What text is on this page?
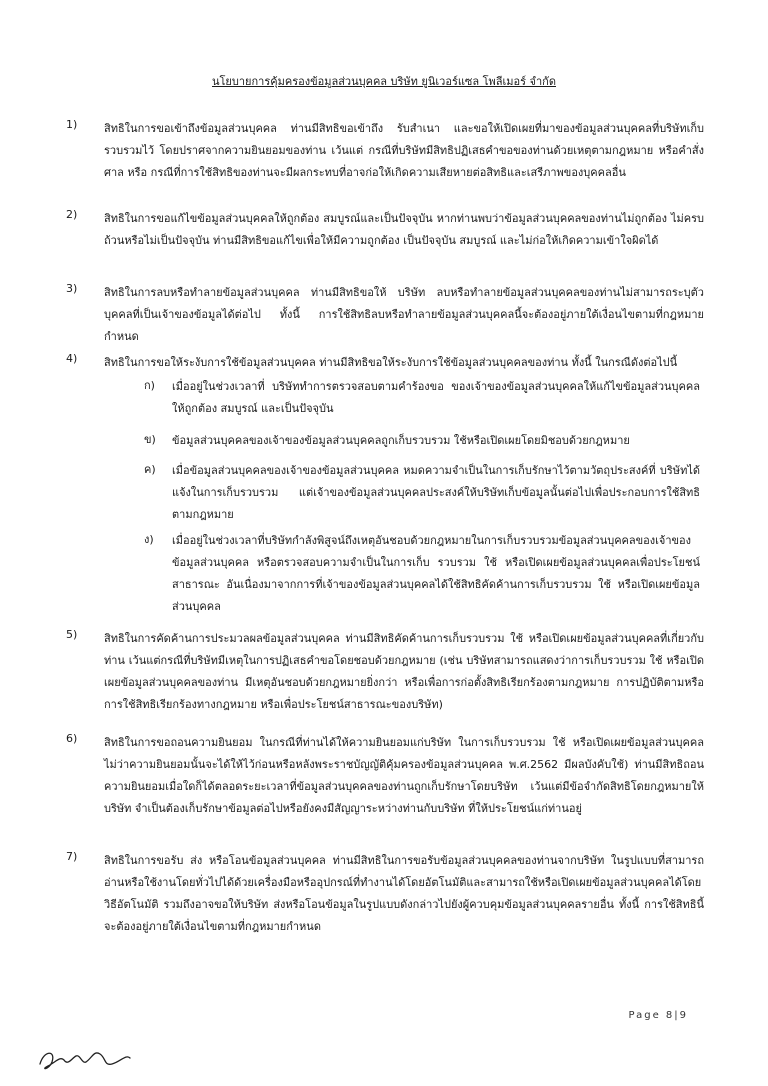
นโยบายการคุ้มครองข้อมูลส่วนบุคคล บริษัท ยูนิเวอร์แซล โพลีเมอร์ จำกัด
1) สิทธิในการขอเข้าถึงข้อมูลส่วนบุคคล ท่านมีสิทธิขอเข้าถึง รับสำเนา และขอให้เปิดเผยที่มาของข้อมูลส่วนบุคคลที่บริษัทเก็บรวบรวมไว้ โดยปราศจากความยินยอมของท่าน เว้นแต่ กรณีที่บริษัทมีสิทธิปฏิเสธคำขอของท่านด้วยเหตุตามกฎหมาย หรือคำสั่งศาล หรือ กรณีที่การใช้สิทธิของท่านจะมีผลกระทบที่อาจก่อให้เกิดความเสียหายต่อสิทธิและเสรีภาพของบุคคลอื่น

2) สิทธิในการขอแก้ไขข้อมูลส่วนบุคคลให้ถูกต้อง สมบูรณ์และเป็นปัจจุบัน หากท่านพบว่าข้อมูลส่วนบุคคลของท่านไม่ถูกต้อง ไม่ครบถ้วนหรือไม่เป็นปัจจุบัน ท่านมีสิทธิขอแก้ไขเพื่อให้มีความถูกต้อง เป็นปัจจุบัน สมบูรณ์ และไม่ก่อให้เกิดความเข้าใจผิดได้

3) สิทธิในการลบหรือทำลายข้อมูลส่วนบุคคล ท่านมีสิทธิขอให้ บริษัท ลบหรือทำลายข้อมูลส่วนบุคคลของท่านไม่สามารถระบุตัวบุคคลที่เป็นเจ้าของข้อมูลได้ต่อไป ทั้งนี้ การใช้สิทธิลบหรือทำลายข้อมูลส่วนบุคคลนี้จะต้องอยู่ภายใต้เงื่อนไขตามที่กฎหมายกำหนด

4) สิทธิในการขอให้ระงับการใช้ข้อมูลส่วนบุคคล ท่านมีสิทธิขอให้ระงับการใช้ข้อมูลส่วนบุคคลของท่าน ทั้งนี้ ในกรณีดังต่อไปนี้

ก) เมื่ออยู่ในช่วงเวลาที่ บริษัททำการตรวจสอบตามคำร้องขอ ของเจ้าของข้อมูลส่วนบุคคลให้แก้ไขข้อมูลส่วนบุคคลให้ถูกต้อง สมบูรณ์ และเป็นปัจจุบัน

ข) ข้อมูลส่วนบุคคลของเจ้าของข้อมูลส่วนบุคคลถูกเก็บรวบรวม ใช้หรือเปิดเผยโดยมิชอบด้วยกฎหมาย

ค) เมื่อข้อมูลส่วนบุคคลของเจ้าของข้อมูลส่วนบุคคล หมดความจำเป็นในการเก็บรักษาไว้ตามวัตถุประสงค์ที่ บริษัทได้แจ้งในการเก็บรวบรวม แต่เจ้าของข้อมูลส่วนบุคคลประสงค์ให้บริษัทเก็บข้อมูลนั้นต่อไปเพื่อประกอบการใช้สิทธิตามกฎหมาย

ง) เมื่ออยู่ในช่วงเวลาที่บริษัทกำลังพิสูจน์ถึงเหตุอันชอบด้วยกฎหมายในการเก็บรวบรวมข้อมูลส่วนบุคคลของเจ้าของข้อมูลส่วนบุคคล หรือตรวจสอบความจำเป็นในการเก็บ รวบรวม ใช้ หรือเปิดเผยข้อมูลส่วนบุคคลเพื่อประโยชน์สาธารณะ อันเนื่องมาจากการที่เจ้าของข้อมูลส่วนบุคคลได้ใช้สิทธิคัดค้านการเก็บรวบรวม ใช้ หรือเปิดเผยข้อมูลส่วนบุคคล

5) สิทธิในการคัดค้านการประมวลผลข้อมูลส่วนบุคคล ท่านมีสิทธิคัดค้านการเก็บรวบรวม ใช้ หรือเปิดเผยข้อมูลส่วนบุคคลที่เกี่ยวกับท่าน เว้นแต่กรณีที่บริษัทมีเหตุในการปฏิเสธคำขอโดยชอบด้วยกฎหมาย (เช่น บริษัทสามารถแสดงว่าการเก็บรวบรวม ใช้ หรือเปิดเผยข้อมูลส่วนบุคคลของท่าน มีเหตุอันชอบด้วยกฎหมายยิ่งกว่า หรือเพื่อการก่อตั้งสิทธิเรียกร้องตามกฎหมาย การปฏิบัติตามหรือการใช้สิทธิเรียกร้องทางกฎหมาย หรือเพื่อประโยชน์สาธารณะของบริษัท)

6) สิทธิในการขอถอนความยินยอม ในกรณีที่ท่านได้ให้ความยินยอมแก่บริษัท ในการเก็บรวบรวม ใช้ หรือเปิดเผยข้อมูลส่วนบุคคล ไม่ว่าความยินยอมนั้นจะได้ให้ไว้ก่อนหรือหลังพระราชบัญญัติคุ้มครองข้อมูลส่วนบุคคล พ.ศ.2562 มีผลบังคับใช้) ท่านมีสิทธิถอนความยินยอมเมื่อใดก็ได้ตลอดระยะเวลาที่ข้อมูลส่วนบุคคลของท่านถูกเก็บรักษาโดยบริษัท เว้นแต่มีข้อจำกัดสิทธิโดยกฎหมายให้บริษัท จำเป็นต้องเก็บรักษาข้อมูลต่อไปหรือยังคงมีสัญญาระหว่างท่านกับบริษัท ที่ให้ประโยชน์แก่ท่านอยู่

7) สิทธิในการขอรับ ส่ง หรือโอนข้อมูลส่วนบุคคล ท่านมีสิทธิในการขอรับข้อมูลส่วนบุคคลของท่านจากบริษัท ในรูปแบบที่สามารถอ่านหรือใช้งานโดยทั่วไปได้ด้วยเครื่องมือหรืออุปกรณ์ที่ทำงานได้โดยอัตโนมัติและสามารถใช้หรือเปิดเผยข้อมูลส่วนบุคคลได้โดยวิธีอัตโนมัติ รวมถึงอาจขอให้บริษัท ส่งหรือโอนข้อมูลในรูปแบบดังกล่าวไปยังผู้ควบคุมข้อมูลส่วนบุคคลรายอื่น ทั้งนี้ การใช้สิทธินี้จะต้องอยู่ภายใต้เงื่อนไขตามที่กฎหมายกำหนด

Page 8|9
